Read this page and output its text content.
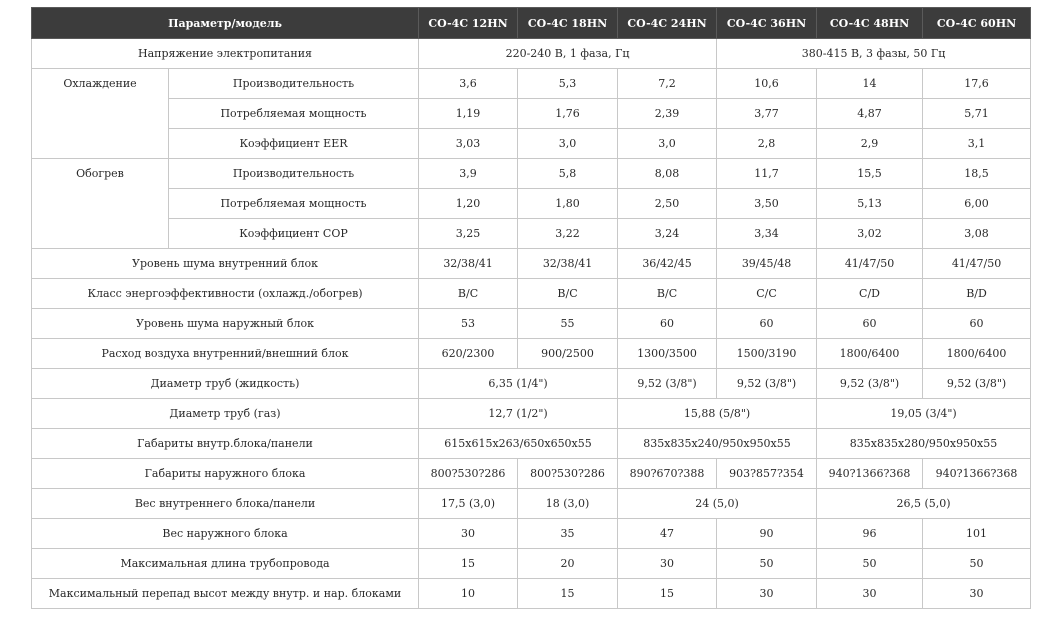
Параметр/модель		CO-4C 12HN	CO-4C 18HN	CO-4C 24HN	CO-4C 36HN	CO-4C 48HN	CO-4C 60HN
Напряжение электропитания		220-240 В, 1 фаза, Гц			380-415 В, 3 фазы, 50 Гц		
Охлаждение	Производительность	3,6	5,3	7,2	10,6	14	17,6
	Потребляемая мощность	1,19	1,76	2,39	3,77	4,87	5,71
	Коэффициент EER	3,03	3,0	3,0	2,8	2,9	3,1
Обогрев	Производительность	3,9	5,8	8,08	11,7	15,5	18,5
	Потребляемая мощность	1,20	1,80	2,50	3,50	5,13	6,00
	Коэффициент COP	3,25	3,22	3,24	3,34	3,02	3,08
Уровень шума внутренний блок		32/38/41	32/38/41	36/42/45	39/45/48	41/47/50	41/47/50
Класс энергоэффективности (охлажд./обогрев)		B/C	B/C	B/C	C/C	C/D	B/D
Уровень шума наружный блок		53	55	60	60	60	60
Расход воздуха внутренний/внешний блок		620/2300	900/2500	1300/3500	1500/3190	1800/6400	1800/6400
Диаметр труб (жидкость)		6,35 (1/4")		9,52 (3/8")	9,52 (3/8")	9,52 (3/8")	9,52 (3/8")
Диаметр труб (газ)		12,7 (1/2")		15,88 (5/8")		19,05 (3/4")	
Габариты внутр.блока/панели		615x615x263/650x650x55		835x835x240/950x950x55		835x835x280/950x950x55	
Габариты наружного блока		800?530?286	800?530?286	890?670?388	903?857?354	940?1366?368	940?1366?368
Вес внутреннего блока/панели		17,5 (3,0)	18 (3,0)	24 (5,0)		26,5 (5,0)	
Вес наружного блока		30	35	47	90	96	101
Максимальная длина трубопровода		15	20	30	50	50	50
Максимальный перепад высот между внутр. и нар. блоками		10	15	15	30	30	30
